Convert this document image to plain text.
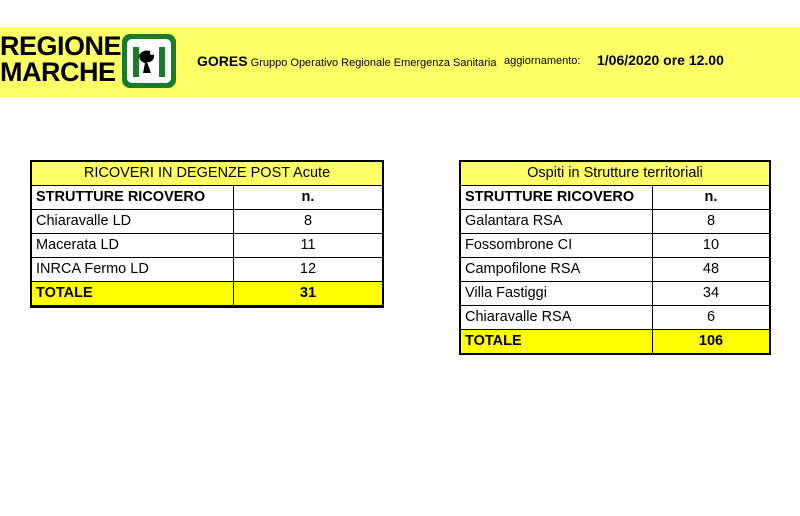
REGIONE
MARCHE	GORES Gruppo Operativo Regionale Emergenza Sanitaria aggiornamento: 1/06/2020 ore 12.00
RICOVERI IN DEGENZE POST Acute	
STRUTTURE RICOVERO	n.
Chiaravalle LD	8
Macerata LD	11
INRCA Fermo LD	12
TOTALE	31
Ospiti in Strutture territoriali	
STRUTTURE RICOVERO	n.
Galantara RSA	8
Fossombrone CI	10
Campofilone RSA	48
Villa Fastiggi	34
Chiaravalle RSA	6
TOTALE	106
